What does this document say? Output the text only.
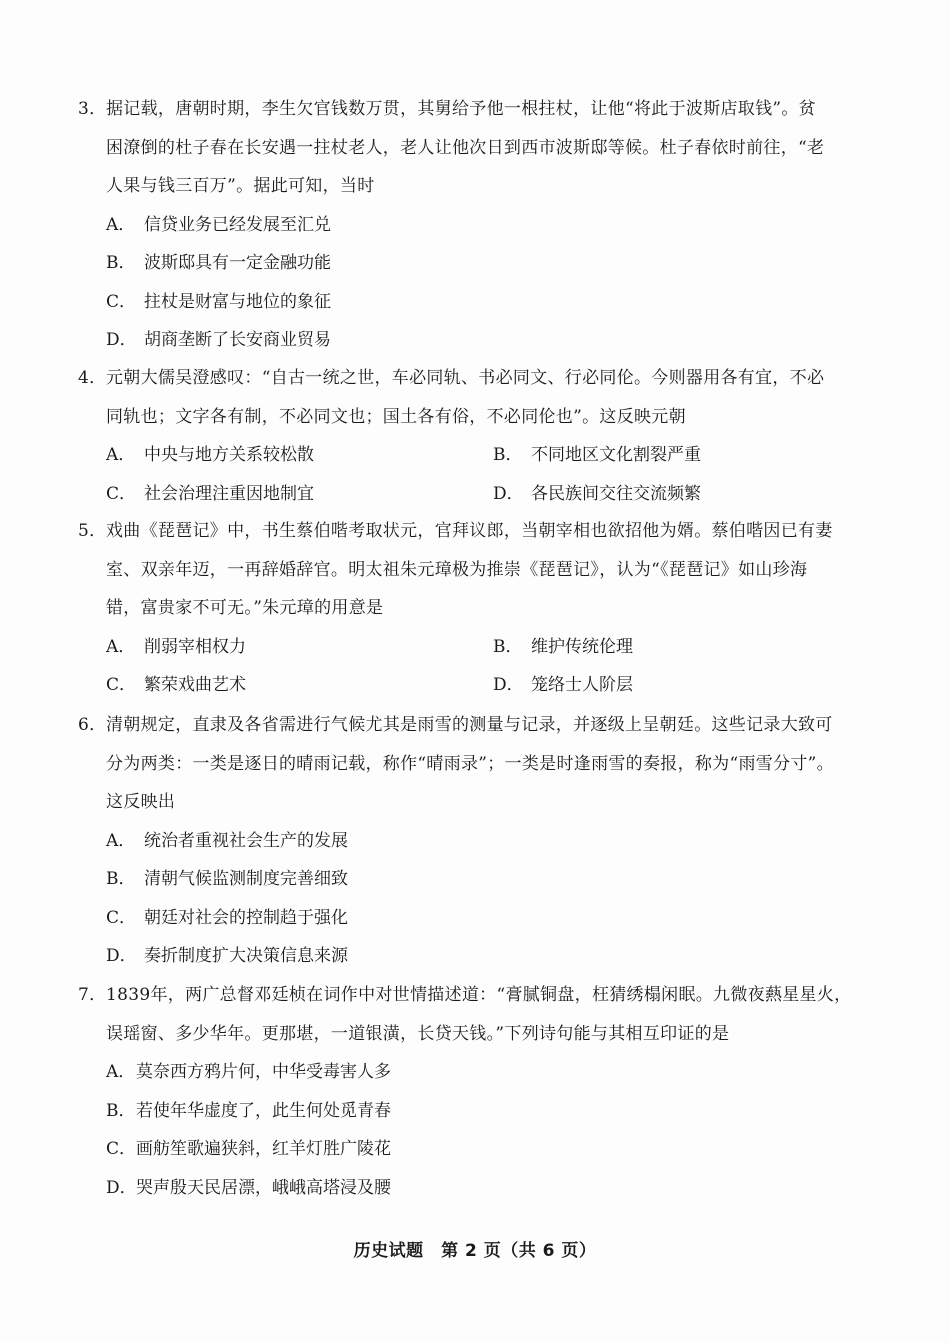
3．据记载，唐朝时期，李生欠官钱数万贯，其舅给予他一根拄杖，让他“将此于波斯店取钱”。贫
困潦倒的杜子春在长安遇一拄杖老人，老人让他次日到西市波斯邸等候。杜子春依时前往，“老
人果与钱三百万”。据此可知，当时
A． 信贷业务已经发展至汇兑
B． 波斯邸具有一定金融功能
C． 拄杖是财富与地位的象征
D． 胡商垄断了长安商业贸易
4．元朝大儒吴澄感叹：“自古一统之世，车必同轨、书必同文、行必同伦。今则器用各有宜，不必
同轨也；文字各有制，不必同文也；国土各有俗，不必同伦也”。这反映元朝
A． 中央与地方关系较松散	B． 不同地区文化割裂严重
C． 社会治理注重因地制宜	D． 各民族间交往交流频繁
5．戏曲《琵琶记》中，书生蔡伯喈考取状元，官拜议郎，当朝宰相也欲招他为婿。蔡伯喈因已有妻
室、双亲年迈，一再辞婚辞官。明太祖朱元璋极为推崇《琵琶记》，认为“《琵琶记》如山珍海
错，富贵家不可无。”朱元璋的用意是
A． 削弱宰相权力	B． 维护传统伦理
C． 繁荣戏曲艺术	D． 笼络士人阶层
6．清朝规定，直隶及各省需进行气候尤其是雨雪的测量与记录，并逐级上呈朝廷。这些记录大致可
分为两类：一类是逐日的晴雨记载，称作“晴雨录”；一类是时逢雨雪的奏报，称为“雨雪分寸”。
这反映出
A． 统治者重视社会生产的发展
B． 清朝气候监测制度完善细致
C． 朝廷对社会的控制趋于强化
D． 奏折制度扩大决策信息来源
7．1839年，两广总督邓廷桢在词作中对世情描述道：“膏腻铜盘，枉猜绣榻闲眠。九微夜爇星星火，
误瑶窗、多少华年。更那堪，一道银潢，长贷天钱。”下列诗句能与其相互印证的是
A．莫奈西方鸦片何，中华受毒害人多
B．若使年华虚度了，此生何处觅青春
C．画舫笙歌遍狭斜，红羊灯胜广陵花
D．哭声殷天民居漂，峨峨高塔浸及腰
历史试题　第 2 页（共 6 页）
